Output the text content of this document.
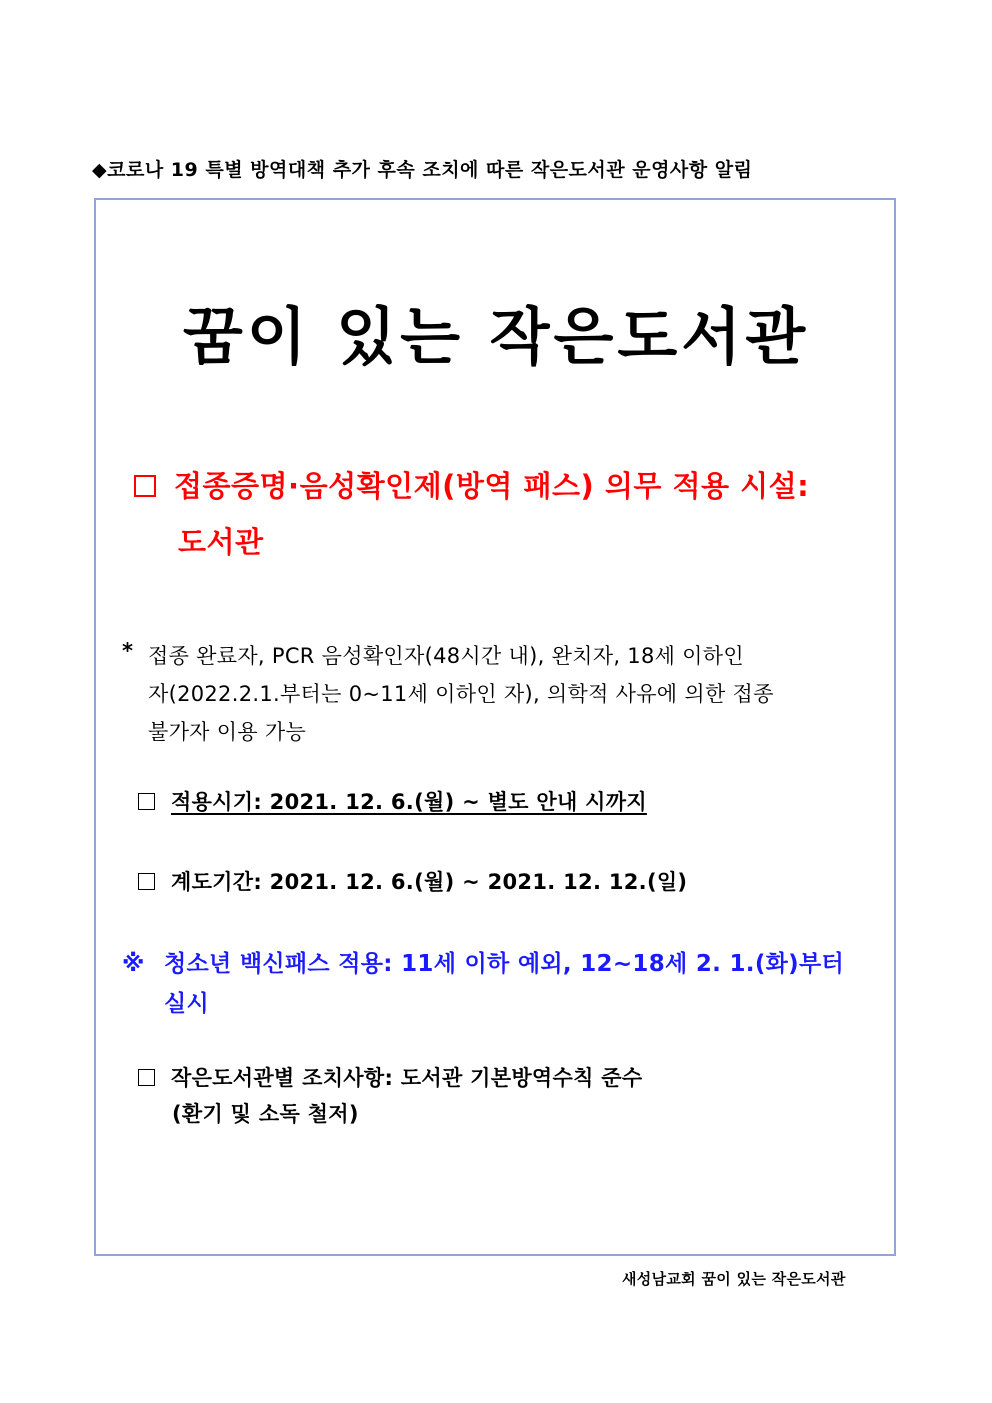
◆코로나 19 특별 방역대책 추가 후속 조치에 따른 작은도서관 운영사항 알림
꿈이 있는 작은도서관
접종증명·음성확인제(방역 패스) 의무 적용 시설:
도서관
* 접종 완료자, PCR 음성확인자(48시간 내), 완치자, 18세 이하인
자(2022.2.1.부터는 0~11세 이하인 자), 의학적 사유에 의한 접종
불가자 이용 가능
적용시기: 2021. 12. 6.(월) ~ 별도 안내 시까지
계도기간: 2021. 12. 6.(월) ~ 2021. 12. 12.(일)
※ 청소년 백신패스 적용: 11세 이하 예외, 12~18세 2. 1.(화)부터
실시
작은도서관별 조치사항: 도서관 기본방역수칙 준수
(환기 및 소독 철저)
새성남교회 꿈이 있는 작은도서관
